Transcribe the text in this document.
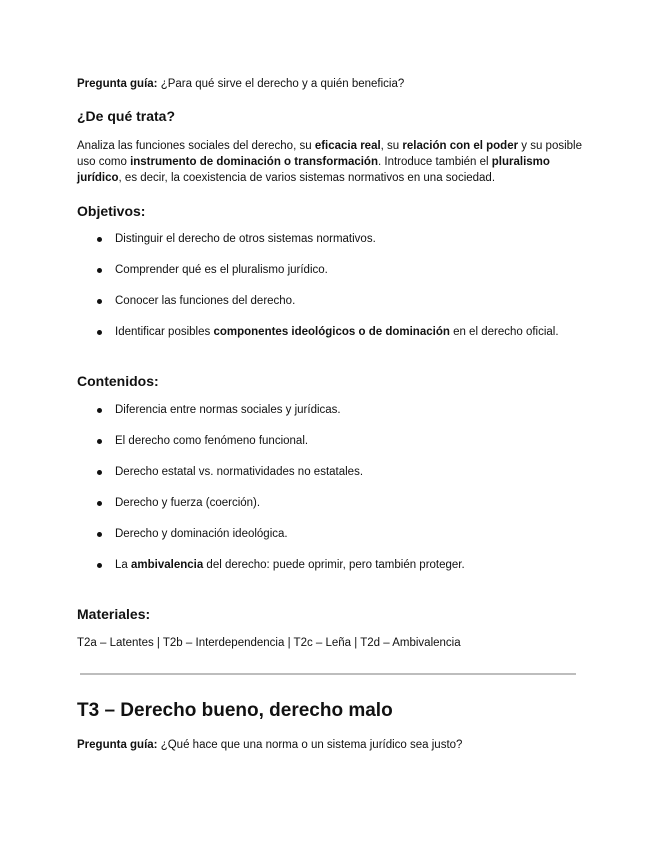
Pregunta guía: ¿Para qué sirve el derecho y a quién beneficia?

¿De qué trata?

Analiza las funciones sociales del derecho, su eficacia real, su relación con el poder y su posible uso como instrumento de dominación o transformación. Introduce también el pluralismo jurídico, es decir, la coexistencia de varios sistemas normativos en una sociedad.

Objetivos:
Distinguir el derecho de otros sistemas normativos.
Comprender qué es el pluralismo jurídico.
Conocer las funciones del derecho.
Identificar posibles componentes ideológicos o de dominación en el derecho oficial.
Contenidos:
Diferencia entre normas sociales y jurídicas.
El derecho como fenómeno funcional.
Derecho estatal vs. normatividades no estatales.
Derecho y fuerza (coerción).
Derecho y dominación ideológica.
La ambivalencia del derecho: puede oprimir, pero también proteger.
Materiales:

T2a – Latentes | T2b – Interdependencia | T2c – Leña | T2d – Ambivalencia

T3 – Derecho bueno, derecho malo

Pregunta guía: ¿Qué hace que una norma o un sistema jurídico sea justo?
